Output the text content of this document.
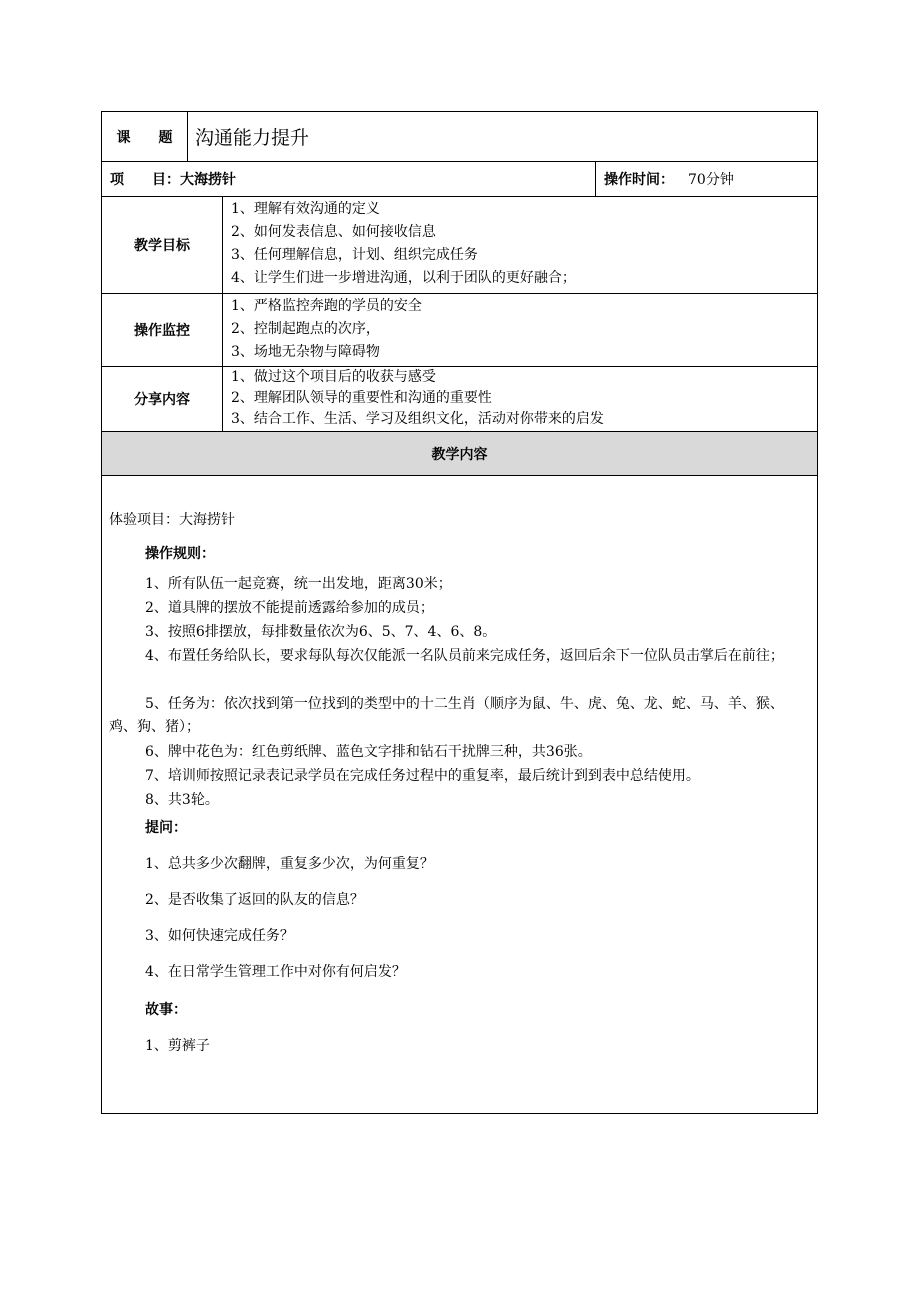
课　　题	沟通能力提升
项　　目： 大海捞针	操作时间： 70分钟
教学目标
1、理解有效沟通的定义
2、如何发表信息、如何接收信息
3、任何理解信息，计划、组织完成任务
4、让学生们进一步增进沟通，以利于团队的更好融合；
操作监控
1、严格监控奔跑的学员的安全
2、控制起跑点的次序，
3、场地无杂物与障碍物
分享内容
1、做过这个项目后的收获与感受
2、理解团队领导的重要性和沟通的重要性
3、结合工作、生活、学习及组织文化，活动对你带来的启发
教学内容
体验项目：大海捞针
操作规则：
1、所有队伍一起竞赛，统一出发地，距离30米；
2、道具牌的摆放不能提前透露给参加的成员；
3、按照6排摆放，每排数量依次为6、5、7、4、6、8。
4、布置任务给队长，要求每队每次仅能派一名队员前来完成任务，返回后余下一位队员击掌后在前往；
5、任务为：依次找到第一位找到的类型中的十二生肖（顺序为鼠、牛、虎、兔、龙、蛇、马、羊、猴、鸡、狗、猪）；
6、牌中花色为：红色剪纸牌、蓝色文字排和钻石干扰牌三种，共36张。
7、培训师按照记录表记录学员在完成任务过程中的重复率，最后统计到到表中总结使用。
8、共3轮。
提问：
1、总共多少次翻牌，重复多少次，为何重复？
2、是否收集了返回的队友的信息？
3、如何快速完成任务？
4、在日常学生管理工作中对你有何启发？
故事：
1、剪裤子
